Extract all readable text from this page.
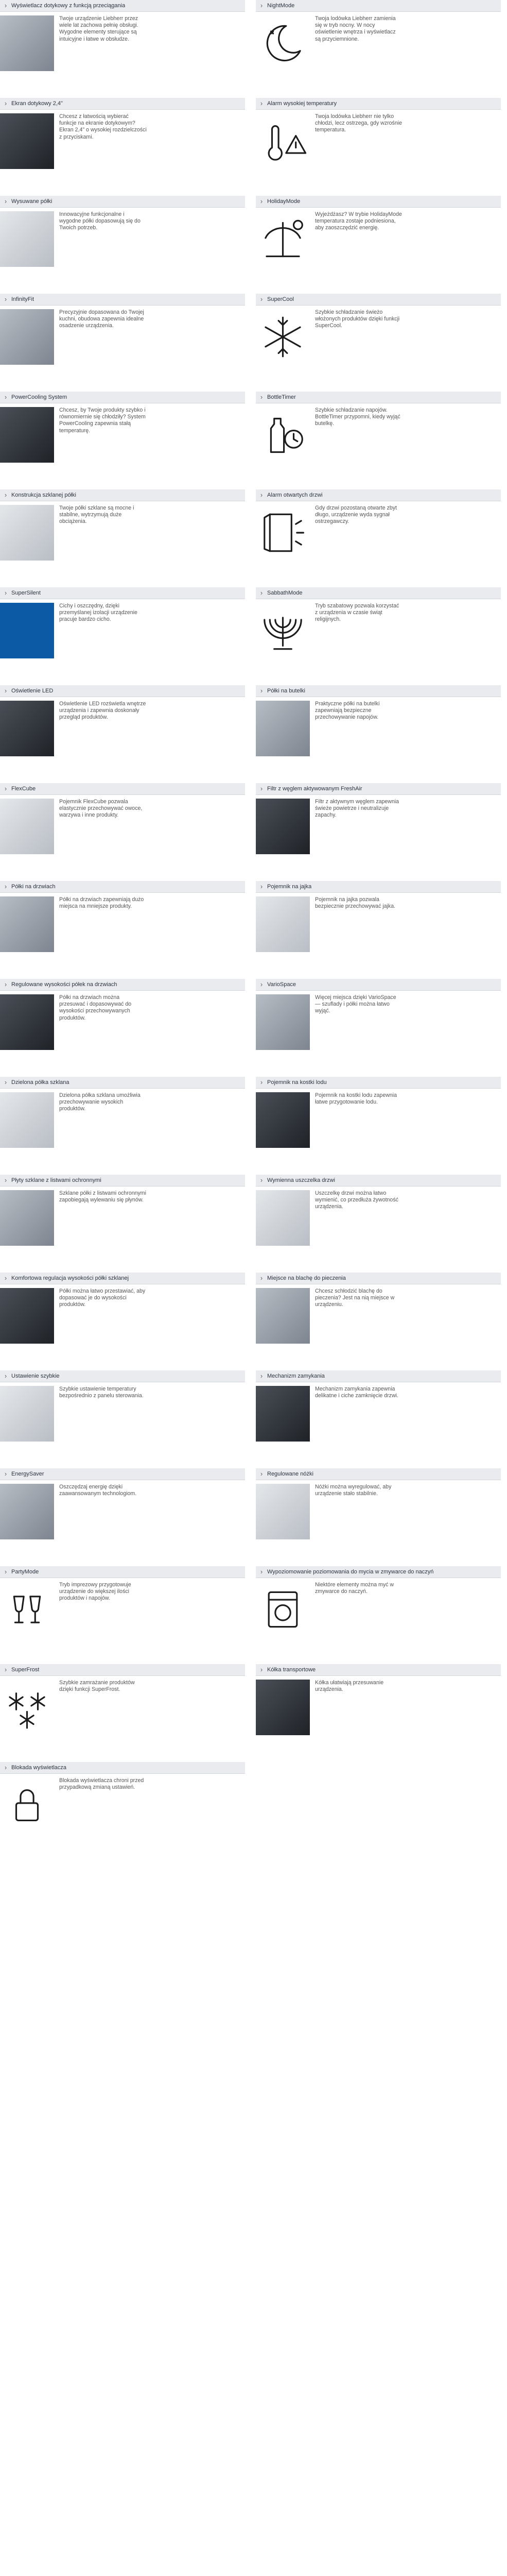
› Wyświetlacz dotykowy z funkcją przeciągania
Twoje urządzenie Liebherr przez wiele lat zachowa pełnię obsługi. Wygodne elementy sterujące są intuicyjne i łatwe w obsłudze.
› NightMode
Twoja lodówka Liebherr zamienia się w tryb nocny. W nocy oświetlenie wnętrza i wyświetlacz są przyciemnione.
› Ekran dotykowy 2,4"
Chcesz z łatwością wybierać funkcje na ekranie dotykowym? Ekran 2,4" o wysokiej rozdzielczości z przyciskami.
› Alarm wysokiej temperatury
Twoja lodówka Liebherr nie tylko chłodzi, lecz ostrzega, gdy wzrośnie temperatura.
› Wysuwane półki
Innowacyjne funkcjonalne i wygodne półki dopasowują się do Twoich potrzeb.
› HolidayMode
Wyjeżdżasz? W trybie HolidayMode temperatura zostaje podniesiona, aby zaoszczędzić energię.
› InfinityFit
Precyzyjnie dopasowana do Twojej kuchni, obudowa zapewnia idealne osadzenie urządzenia.
› SuperCool
Szybkie schładzanie świeżo włożonych produktów dzięki funkcji SuperCool.
› PowerCooling System
Chcesz, by Twoje produkty szybko i równomiernie się chłodziły? System PowerCooling zapewnia stałą temperaturę.
› BottleTimer
Szybkie schładzanie napojów. BottleTimer przypomni, kiedy wyjąć butelkę.
› Konstrukcja szklanej półki
Twoje półki szklane są mocne i stabilne, wytrzymują duże obciążenia.
› Alarm otwartych drzwi
Gdy drzwi pozostaną otwarte zbyt długo, urządzenie wyda sygnał ostrzegawczy.
› SuperSilent
Cichy i oszczędny, dzięki przemyślanej izolacji urządzenie pracuje bardzo cicho.
› SabbathMode
Tryb szabatowy pozwala korzystać z urządzenia w czasie świąt religijnych.
› Oświetlenie LED
Oświetlenie LED rozświetla wnętrze urządzenia i zapewnia doskonały przegląd produktów.
› Półki na butelki
Praktyczne półki na butelki zapewniają bezpieczne przechowywanie napojów.
› FlexCube
Pojemnik FlexCube pozwala elastycznie przechowywać owoce, warzywa i inne produkty.
› Filtr z węglem aktywowanym FreshAir
Filtr z aktywnym węglem zapewnia świeże powietrze i neutralizuje zapachy.
› Półki na drzwiach
Półki na drzwiach zapewniają dużo miejsca na mniejsze produkty.
› Pojemnik na jajka
Pojemnik na jajka pozwala bezpiecznie przechowywać jajka.
› Regulowane wysokości półek na drzwiach
Półki na drzwiach można przesuwać i dopasowywać do wysokości przechowywanych produktów.
› VarioSpace
Więcej miejsca dzięki VarioSpace — szuflady i półki można łatwo wyjąć.
› Dzielona półka szklana
Dzielona półka szklana umożliwia przechowywanie wysokich produktów.
› Pojemnik na kostki lodu
Pojemnik na kostki lodu zapewnia łatwe przygotowanie lodu.
› Płyty szklane z listwami ochronnymi
Szklane półki z listwami ochronnymi zapobiegają wylewaniu się płynów.
› Wymienna uszczelka drzwi
Uszczelkę drzwi można łatwo wymienić, co przedłuża żywotność urządzenia.
› Komfortowa regulacja wysokości półki szklanej
Półki można łatwo przestawiać, aby dopasować je do wysokości produktów.
› Miejsce na blachę do pieczenia
Chcesz schłodzić blachę do pieczenia? Jest na nią miejsce w urządzeniu.
› Ustawienie szybkie
Szybkie ustawienie temperatury bezpośrednio z panelu sterowania.
› Mechanizm zamykania
Mechanizm zamykania zapewnia delikatne i ciche zamknięcie drzwi.
› EnergySaver
Oszczędzaj energię dzięki zaawansowanym technologiom.
› Regulowane nóżki
Nóżki można wyregulować, aby urządzenie stało stabilnie.
› PartyMode
Tryb imprezowy przygotowuje urządzenie do większej ilości produktów i napojów.
› Wypoziomowanie poziomowania do mycia w zmywarce do naczyń
Niektóre elementy można myć w zmywarce do naczyń.
› SuperFrost
Szybkie zamrażanie produktów dzięki funkcji SuperFrost.
› Kółka transportowe
Kółka ułatwiają przesuwanie urządzenia.
› Blokada wyświetlacza
Blokada wyświetlacza chroni przed przypadkową zmianą ustawień.
